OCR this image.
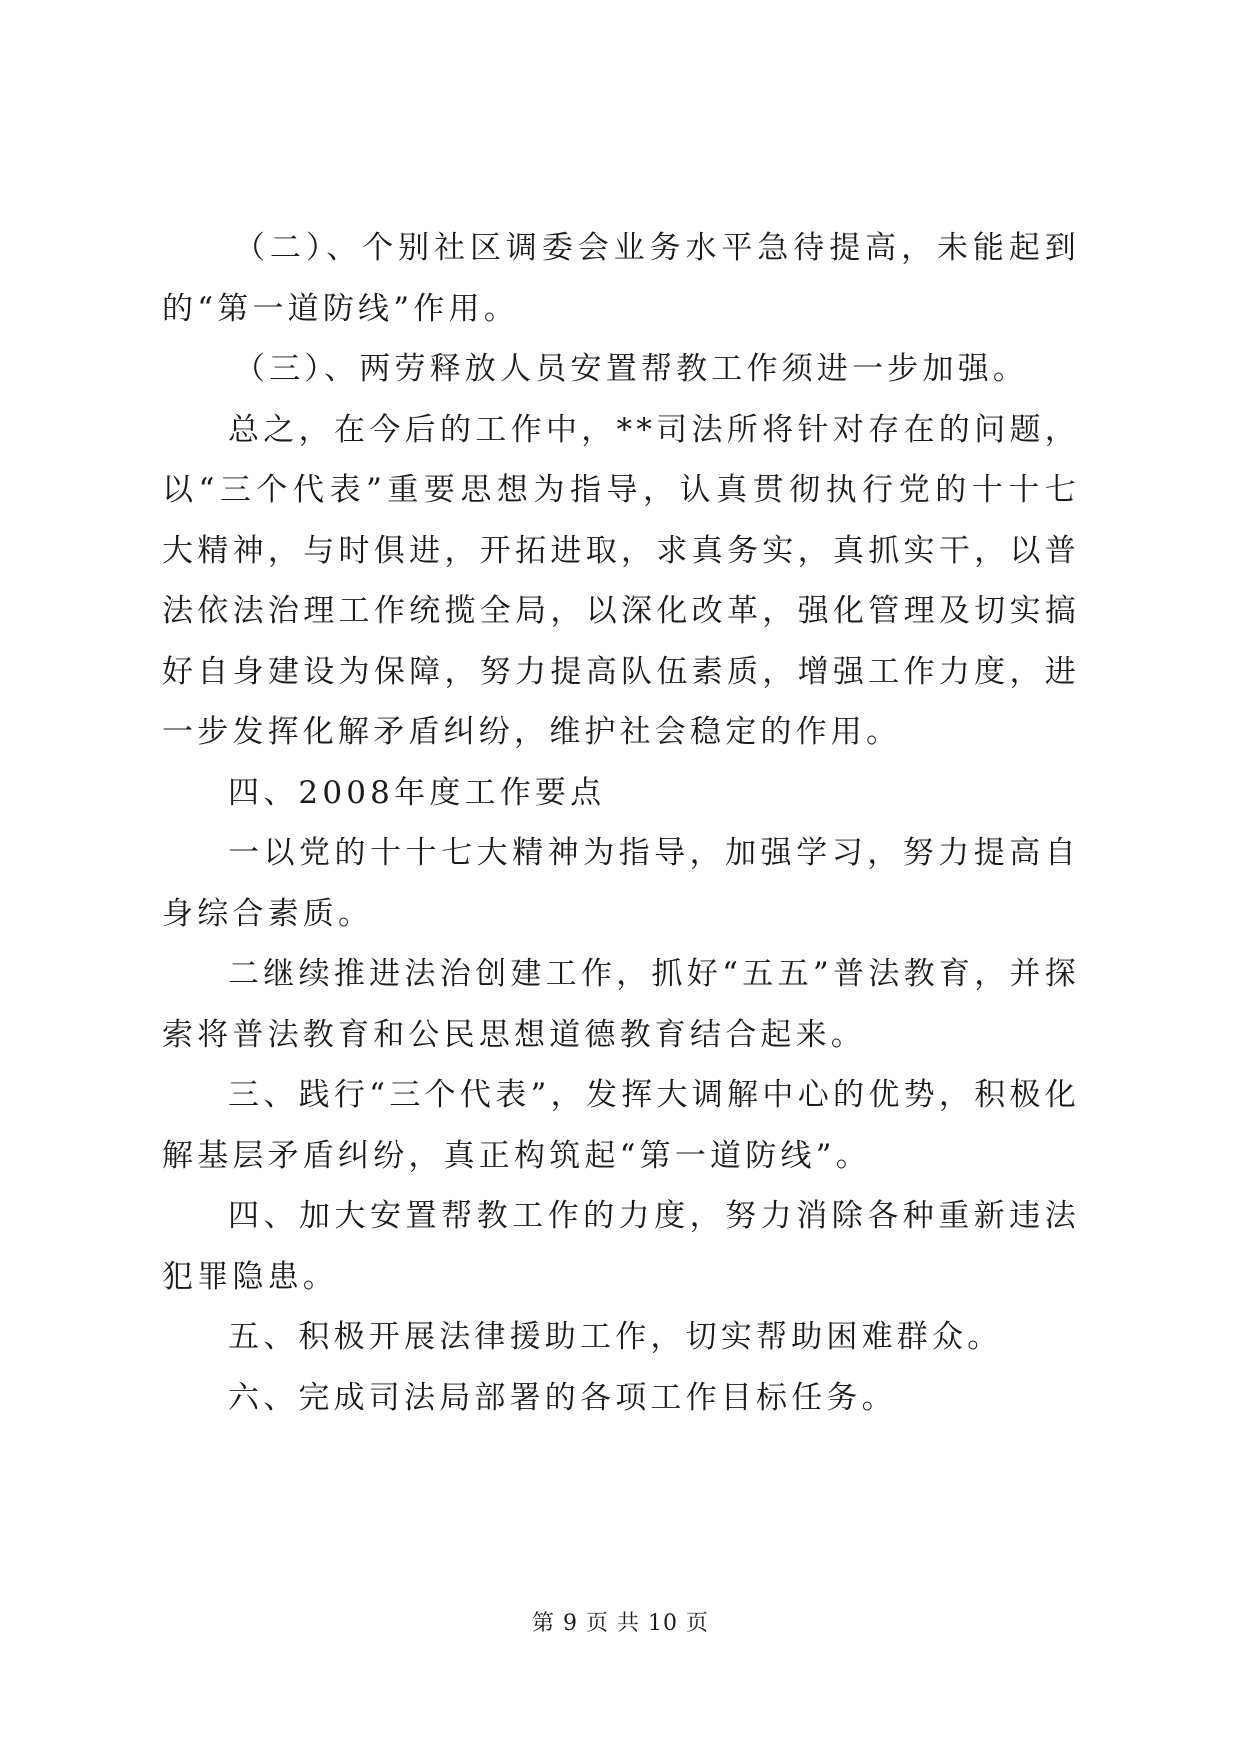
（二）、个别社区调委会业务水平急待提高，未能起到的“第一道防线”作用。

（三）、两劳释放人员安置帮教工作须进一步加强。

总之，在今后的工作中，**司法所将针对存在的问题，以“三个代表”重要思想为指导，认真贯彻执行党的十十七大精神，与时俱进，开拓进取，求真务实，真抓实干，以普法依法治理工作统揽全局，以深化改革，强化管理及切实搞好自身建设为保障，努力提高队伍素质，增强工作力度，进一步发挥化解矛盾纠纷，维护社会稳定的作用。

四、2008年度工作要点

一以党的十十七大精神为指导，加强学习，努力提高自身综合素质。

二继续推进法治创建工作，抓好“五五”普法教育，并探索将普法教育和公民思想道德教育结合起来。

三、践行“三个代表”，发挥大调解中心的优势，积极化解基层矛盾纠纷，真正构筑起“第一道防线”。

四、加大安置帮教工作的力度，努力消除各种重新违法犯罪隐患。

五、积极开展法律援助工作，切实帮助困难群众。

六、完成司法局部署的各项工作目标任务。

第 9 页 共 10 页
